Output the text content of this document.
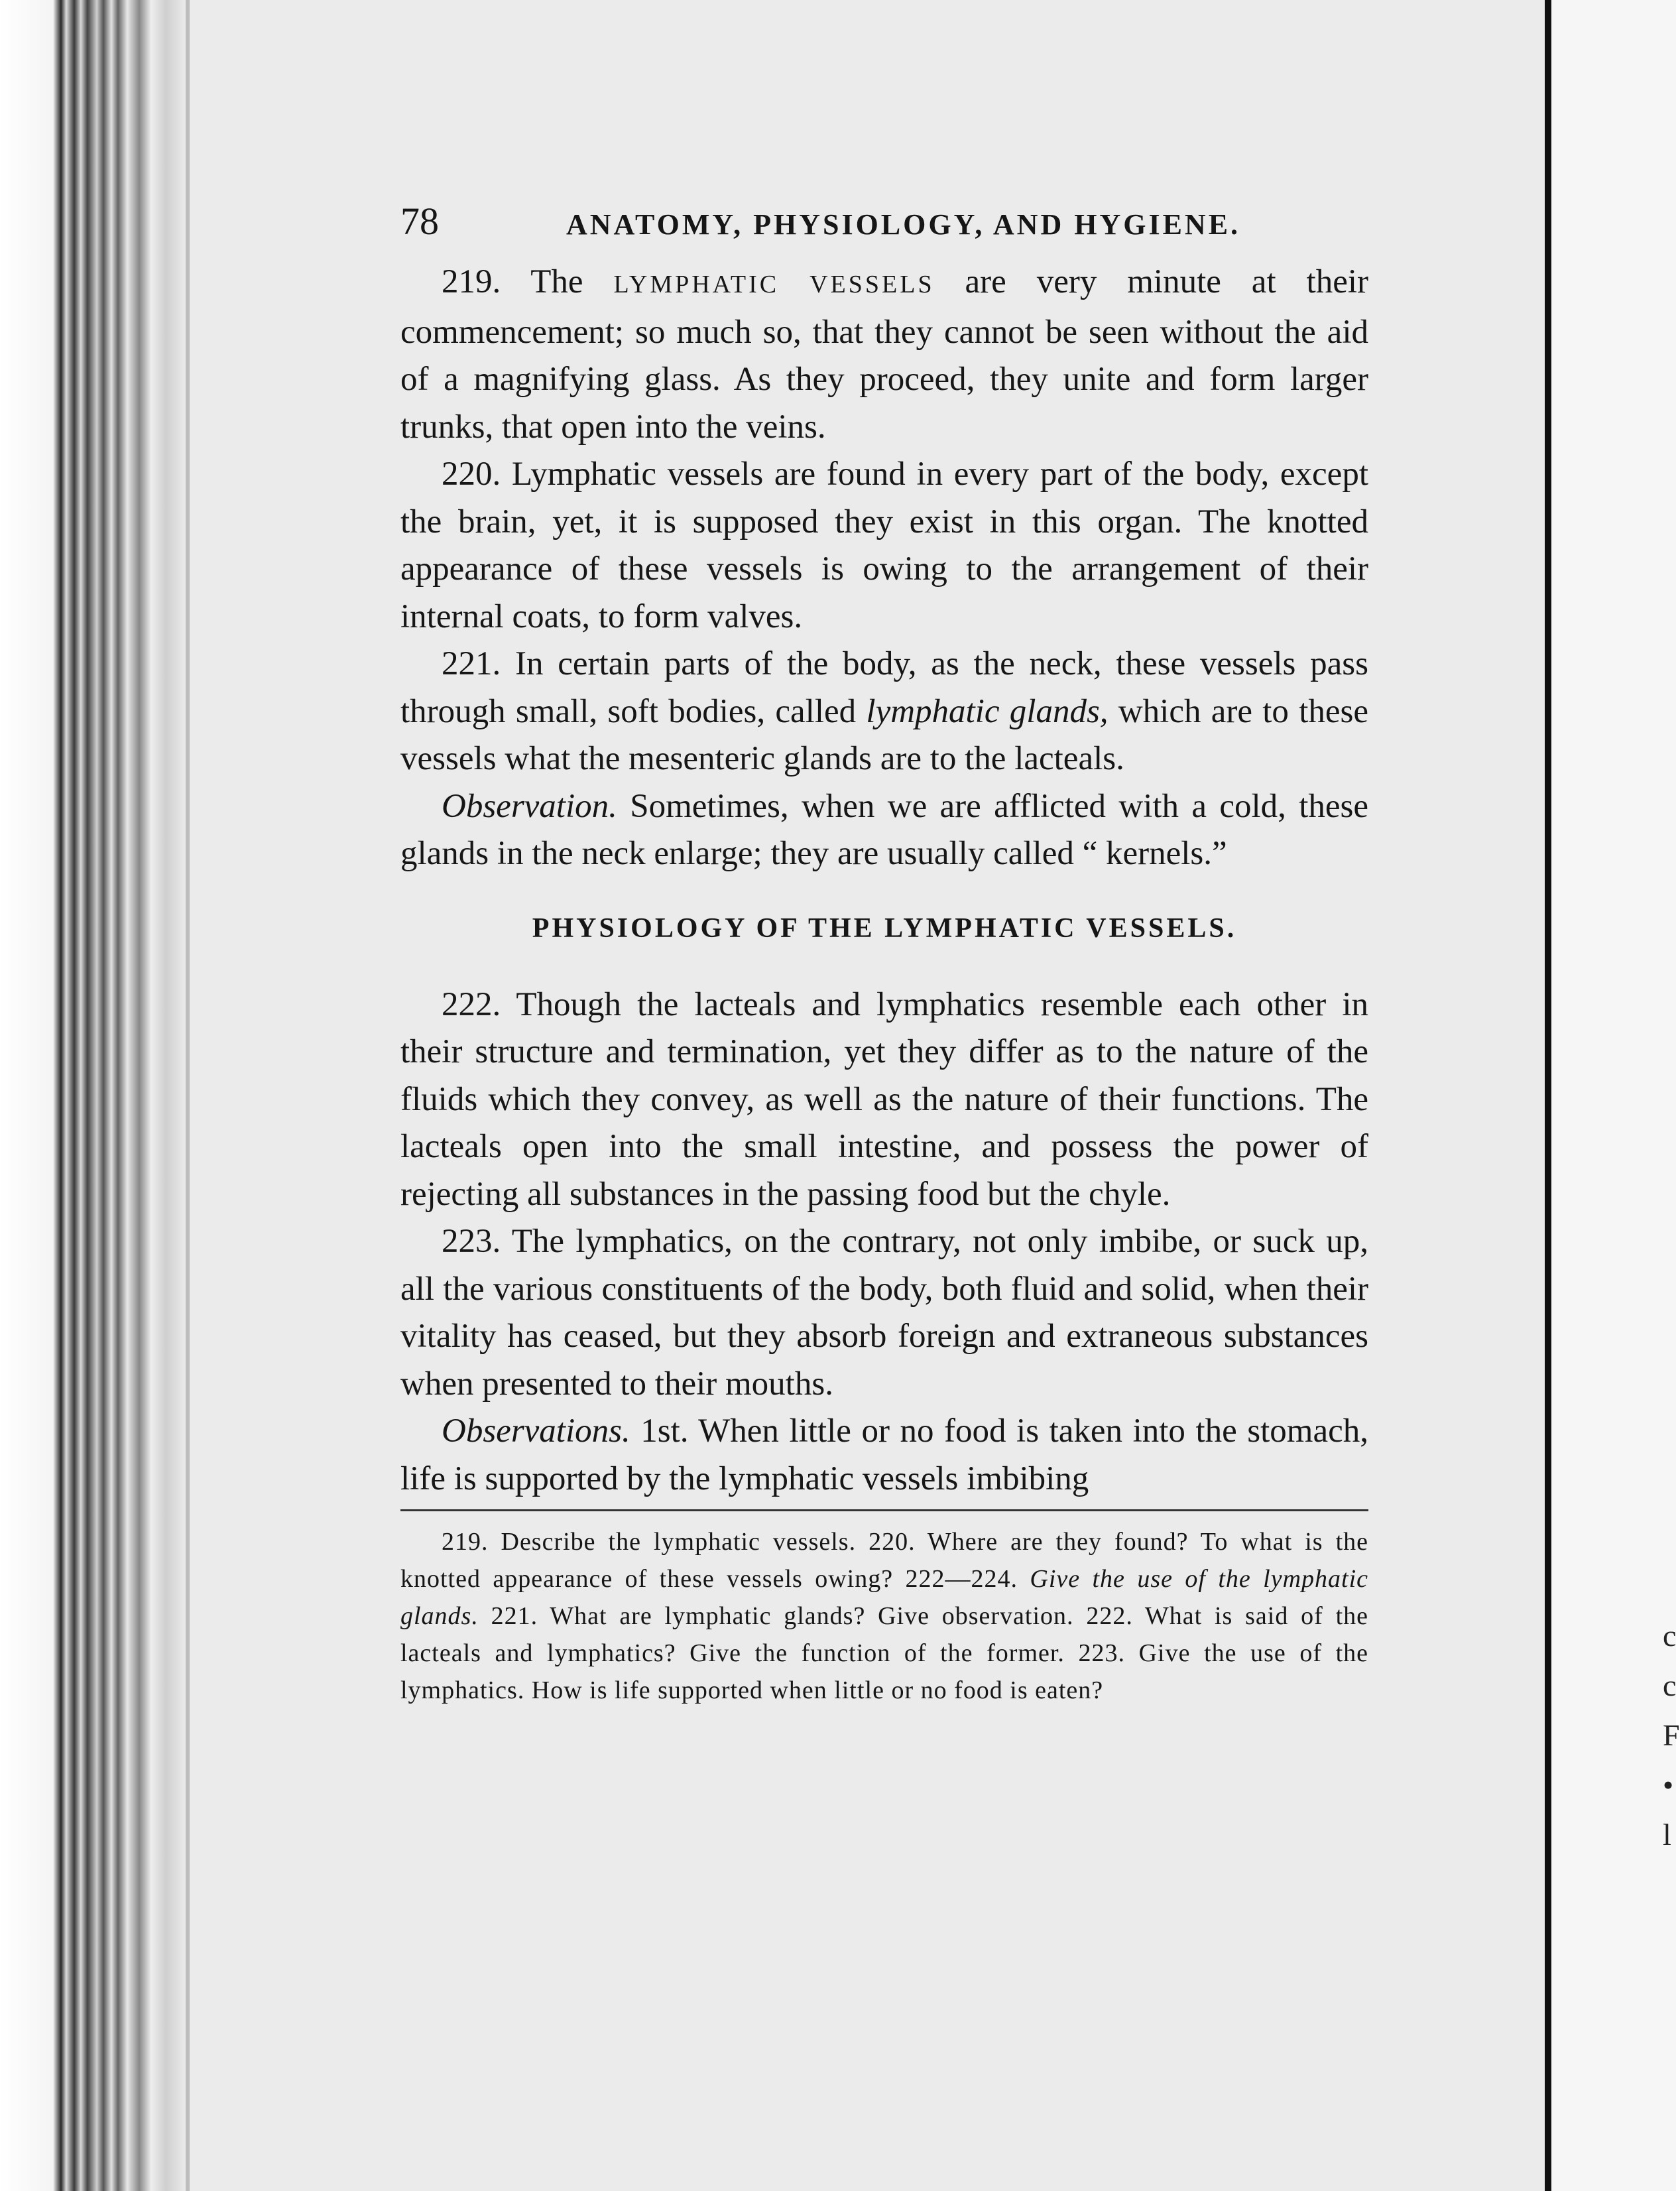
c
c
F
•
l
78	ANATOMY, PHYSIOLOGY, AND HYGIENE.

219. The LYMPHATIC VESSELS are very minute at their commencement; so much so, that they cannot be seen without the aid of a magnifying glass. As they proceed, they unite and form larger trunks, that open into the veins.

220. Lymphatic vessels are found in every part of the body, except the brain, yet, it is supposed they exist in this organ. The knotted appearance of these vessels is owing to the arrangement of their internal coats, to form valves.

221. In certain parts of the body, as the neck, these vessels pass through small, soft bodies, called lymphatic glands, which are to these vessels what the mesenteric glands are to the lacteals.

Observation. Sometimes, when we are afflicted with a cold, these glands in the neck enlarge; they are usually called “ kernels.”

PHYSIOLOGY OF THE LYMPHATIC VESSELS.

222. Though the lacteals and lymphatics resemble each other in their structure and termination, yet they differ as to the nature of the fluids which they convey, as well as the nature of their functions. The lacteals open into the small intestine, and possess the power of rejecting all substances in the passing food but the chyle.

223. The lymphatics, on the contrary, not only imbibe, or suck up, all the various constituents of the body, both fluid and solid, when their vitality has ceased, but they absorb foreign and extraneous substances when presented to their mouths.

Observations. 1st. When little or no food is taken into the stomach, life is supported by the lymphatic vessels imbibing

219. Describe the lymphatic vessels. 220. Where are they found? To what is the knotted appearance of these vessels owing? 222—224. Give the use of the lymphatic glands. 221. What are lymphatic glands? Give observation. 222. What is said of the lacteals and lymphatics? Give the function of the former. 223. Give the use of the lymphatics. How is life supported when little or no food is eaten?
